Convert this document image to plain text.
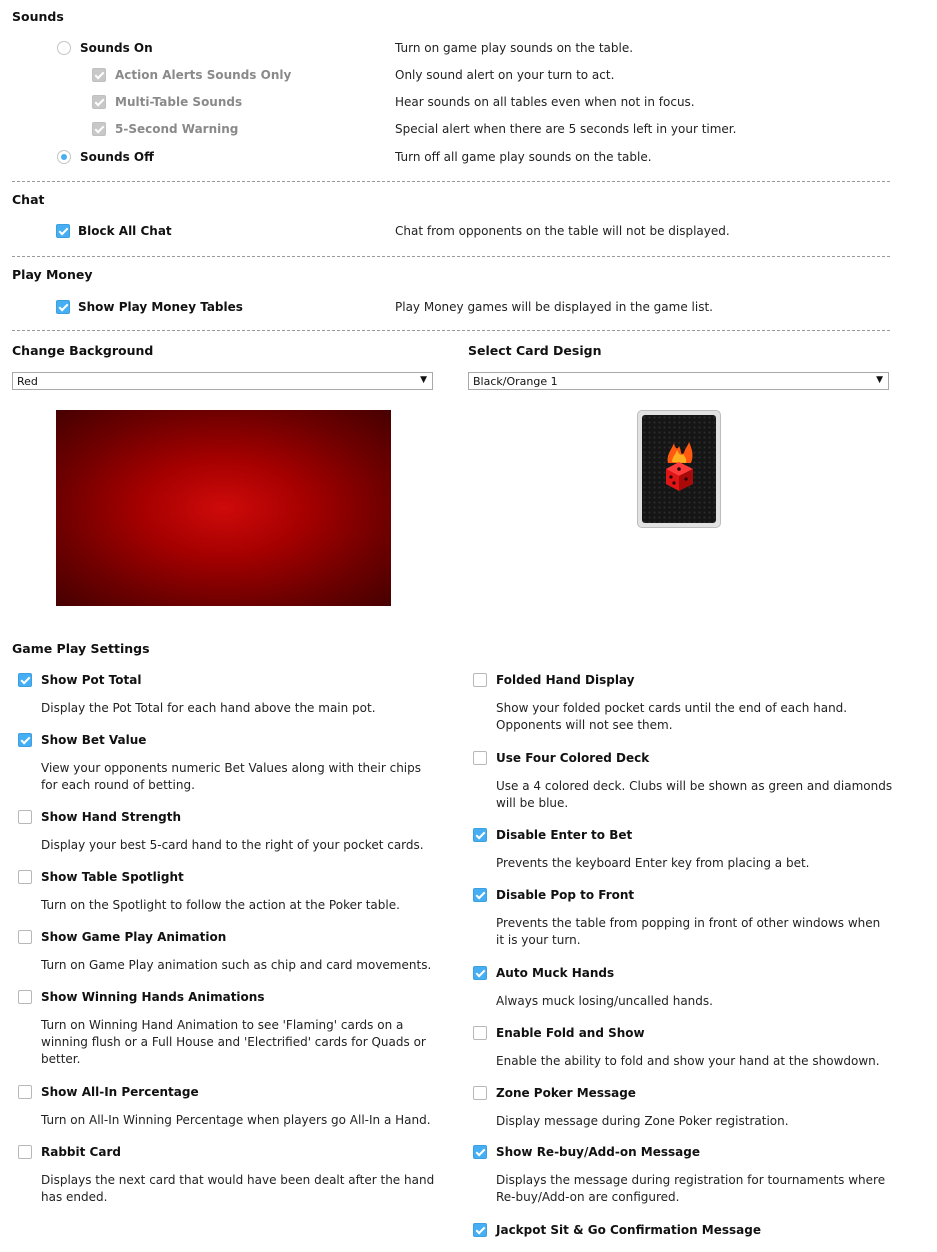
Sounds
Sounds On	Turn on game play sounds on the table.
Action Alerts Sounds Only	Only sound alert on your turn to act.
Multi-Table Sounds	Hear sounds on all tables even when not in focus.
5-Second Warning	Special alert when there are 5 seconds left in your timer.
Sounds Off	Turn off all game play sounds on the table.
Chat
Block All Chat	Chat from opponents on the table will not be displayed.
Play Money
Show Play Money Tables	Play Money games will be displayed in the game list.
Change Background	Select Card Design
Red	▼	Black/Orange 1	▼
Game Play Settings
Show Pot Total
Display the Pot Total for each hand above the main pot.
Show Bet Value
View your opponents numeric Bet Values along with their chips for each round of betting.
Show Hand Strength
Display your best 5-card hand to the right of your pocket cards.
Show Table Spotlight
Turn on the Spotlight to follow the action at the Poker table.
Show Game Play Animation
Turn on Game Play animation such as chip and card movements.
Show Winning Hands Animations
Turn on Winning Hand Animation to see 'Flaming' cards on a winning flush or a Full House and 'Electrified' cards for Quads or better.
Show All-In Percentage
Turn on All-In Winning Percentage when players go All-In a Hand.
Rabbit Card
Displays the next card that would have been dealt after the hand has ended.
Folded Hand Display
Show your folded pocket cards until the end of each hand. Opponents will not see them.
Use Four Colored Deck
Use a 4 colored deck. Clubs will be shown as green and diamonds will be blue.
Disable Enter to Bet
Prevents the keyboard Enter key from placing a bet.
Disable Pop to Front
Prevents the table from popping in front of other windows when it is your turn.
Auto Muck Hands
Always muck losing/uncalled hands.
Enable Fold and Show
Enable the ability to fold and show your hand at the showdown.
Zone Poker Message
Display message during Zone Poker registration.
Show Re-buy/Add-on Message
Displays the message during registration for tournaments where Re-buy/Add-on are configured.
Jackpot Sit & Go Confirmation Message
